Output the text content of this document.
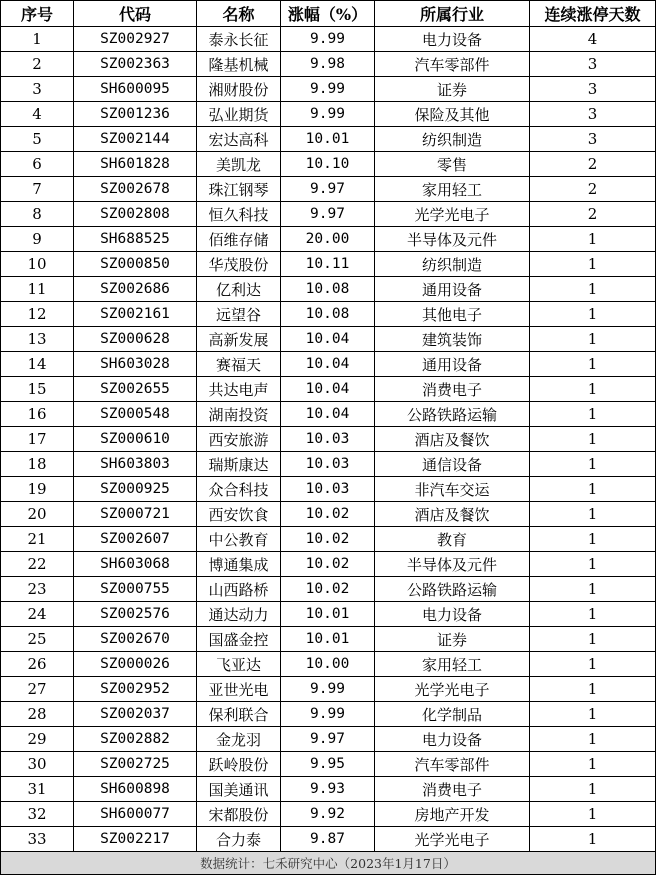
序号	代码	名称	涨幅（%）	所属行业	连续涨停天数
1	SZ002927	泰永长征	9.99	电力设备	4
2	SZ002363	隆基机械	9.98	汽车零部件	3
3	SH600095	湘财股份	9.99	证券	3
4	SZ001236	弘业期货	9.99	保险及其他	3
5	SZ002144	宏达高科	10.01	纺织制造	3
6	SH601828	美凯龙	10.10	零售	2
7	SZ002678	珠江钢琴	9.97	家用轻工	2
8	SZ002808	恒久科技	9.97	光学光电子	2
9	SH688525	佰维存储	20.00	半导体及元件	1
10	SZ000850	华茂股份	10.11	纺织制造	1
11	SZ002686	亿利达	10.08	通用设备	1
12	SZ002161	远望谷	10.08	其他电子	1
13	SZ000628	高新发展	10.04	建筑装饰	1
14	SH603028	赛福天	10.04	通用设备	1
15	SZ002655	共达电声	10.04	消费电子	1
16	SZ000548	湖南投资	10.04	公路铁路运输	1
17	SZ000610	西安旅游	10.03	酒店及餐饮	1
18	SH603803	瑞斯康达	10.03	通信设备	1
19	SZ000925	众合科技	10.03	非汽车交运	1
20	SZ000721	西安饮食	10.02	酒店及餐饮	1
21	SZ002607	中公教育	10.02	教育	1
22	SH603068	博通集成	10.02	半导体及元件	1
23	SZ000755	山西路桥	10.02	公路铁路运输	1
24	SZ002576	通达动力	10.01	电力设备	1
25	SZ002670	国盛金控	10.01	证券	1
26	SZ000026	飞亚达	10.00	家用轻工	1
27	SZ002952	亚世光电	9.99	光学光电子	1
28	SZ002037	保利联合	9.99	化学制品	1
29	SZ002882	金龙羽	9.97	电力设备	1
30	SZ002725	跃岭股份	9.95	汽车零部件	1
31	SH600898	国美通讯	9.93	消费电子	1
32	SH600077	宋都股份	9.92	房地产开发	1
33	SZ002217	合力泰	9.87	光学光电子	1
数据统计：七禾研究中心（2023年1月17日）					
